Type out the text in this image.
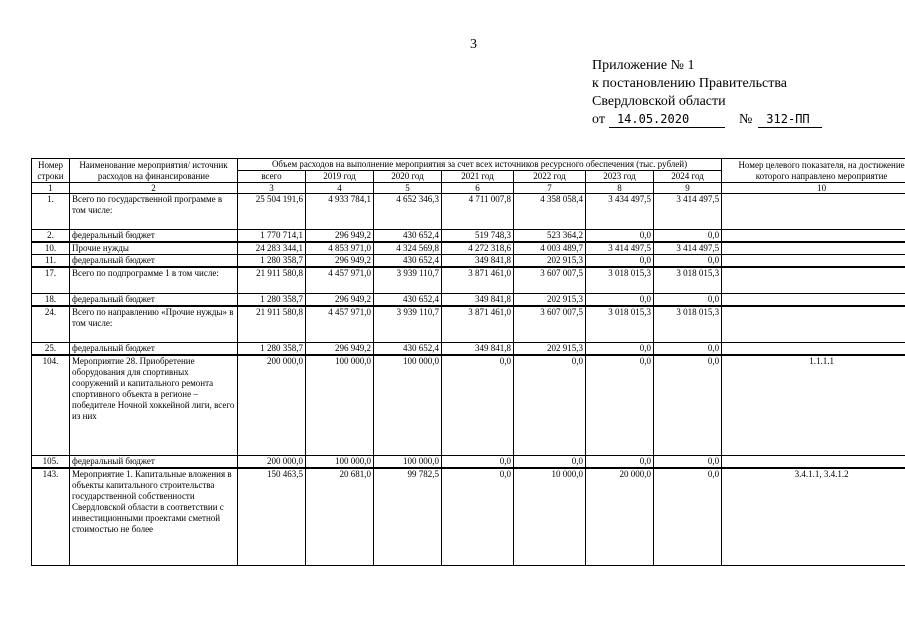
3
Приложение № 1
к постановлению Правительства
Свердловской области
от	14.05.2020	№	312-ПП
Номер строки	Наименование мероприятия/ источник расходов на финансирование	Объем расходов на выполнение мероприятия за счет всех источников ресурсного обеспечения (тыс. рублей)							Номер целевого показателя, на достижение которого направлено мероприятие
		всего	2019 год	2020 год	2021 год	2022 год	2023 год	2024 год	
1	2	3	4	5	6	7	8	9	10
1.	Всего по государственной программе в том числе:	25 504 191,6	4 933 784,1	4 652 346,3	4 711 007,8	4 358 058,4	3 434 497,5	3 414 497,5	
2.	федеральный бюджет	1 770 714,1	296 949,2	430 652,4	519 748,3	523 364,2	0,0	0,0	
10.	Прочие нужды	24 283 344,1	4 853 971,0	4 324 569,8	4 272 318,6	4 003 489,7	3 414 497,5	3 414 497,5	
11.	федеральный бюджет	1 280 358,7	296 949,2	430 652,4	349 841,8	202 915,3	0,0	0,0	
17.	Всего по подпрограмме 1 в том числе:	21 911 580,8	4 457 971,0	3 939 110,7	3 871 461,0	3 607 007,5	3 018 015,3	3 018 015,3	
18.	федеральный бюджет	1 280 358,7	296 949,2	430 652,4	349 841,8	202 915,3	0,0	0,0	
24.	Всего по направлению «Прочие нужды» в том числе:	21 911 580,8	4 457 971,0	3 939 110,7	3 871 461,0	3 607 007,5	3 018 015,3	3 018 015,3	
25.	федеральный бюджет	1 280 358,7	296 949,2	430 652,4	349 841,8	202 915,3	0,0	0,0	
104.	Мероприятие 28. Приобретение оборудования для спортивных сооружений и капитального ремонта спортивного объекта в регионе – победителе Ночной хоккейной лиги, всего из них	200 000,0	100 000,0	100 000,0	0,0	0,0	0,0	0,0	1.1.1.1
105.	федеральный бюджет	200 000,0	100 000,0	100 000,0	0,0	0,0	0,0	0,0	
143.	Мероприятие 1. Капитальные вложения в объекты капитального строительства государственной собственности Свердловской области в соответствии с инвестиционными проектами сметной стоимостью не более	150 463,5	20 681,0	99 782,5	0,0	10 000,0	20 000,0	0,0	3.4.1.1, 3.4.1.2
